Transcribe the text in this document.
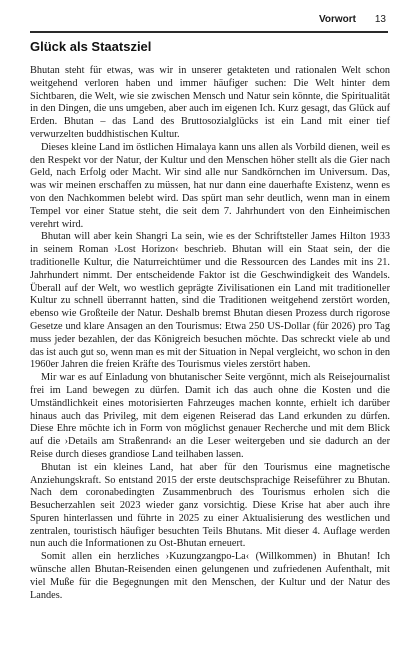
Vorwort 13
Glück als Staatsziel

Bhutan steht für etwas, was wir in unserer getakteten und rationalen Welt schon weitgehend verloren haben und immer häufiger suchen: Die Welt hinter dem Sichtbaren, die Welt, wie sie zwischen Mensch und Natur sein könnte, die Spiritualität in den Dingen, die uns umgeben, aber auch im eigenen Ich. Kurz gesagt, das Glück auf Erden. Bhutan – das Land des Bruttosozialglücks ist ein Land mit einer tief verwurzelten buddhistischen Kultur.

Dieses kleine Land im östlichen Himalaya kann uns allen als Vorbild dienen, weil es den Respekt vor der Natur, der Kultur und den Menschen höher stellt als die Gier nach Geld, nach Erfolg oder Macht. Wir sind alle nur Sandkörnchen im Universum. Das, was wir meinen erschaffen zu müssen, hat nur dann eine dauerhafte Existenz, wenn es von den Nachkommen belebt wird. Das spürt man sehr deutlich, wenn man in einem Tempel vor einer Statue steht, die seit dem 7. Jahrhundert von den Einheimischen verehrt wird.

Bhutan will aber kein Shangri La sein, wie es der Schriftsteller James Hilton 1933 in seinem Roman ›Lost Horizon‹ beschrieb. Bhutan will ein Staat sein, der die traditionelle Kultur, die Naturreichtümer und die Ressourcen des Landes mit ins 21. Jahrhundert nimmt. Der entscheidende Faktor ist die Geschwindigkeit des Wandels. Überall auf der Welt, wo westlich geprägte Zivilisationen ein Land mit traditioneller Kultur zu schnell überrannt hatten, sind die Traditionen weitgehend zerstört worden, ebenso wie Großteile der Natur. Deshalb bremst Bhutan diesen Prozess durch rigorose Gesetze und klare Ansagen an den Tourismus: Etwa 250 US-Dollar (für 2026) pro Tag muss jeder bezahlen, der das Königreich besuchen möchte. Das schreckt viele ab und das ist auch gut so, wenn man es mit der Situation in Nepal vergleicht, wo schon in den 1960er Jahren die freien Kräfte des Tourismus vieles zerstört haben.

Mir war es auf Einladung von bhutanischer Seite vergönnt, mich als Reisejournalist frei im Land bewegen zu dürfen. Damit ich das auch ohne die Kosten und die Umständlichkeit eines motorisierten Fahrzeuges machen konnte, erhielt ich darüber hinaus auch das Privileg, mit dem eigenen Reiserad das Land erkunden zu dürfen. Diese Ehre möchte ich in Form von möglichst genauer Recherche und mit dem Blick auf die ›Details am Straßenrand‹ an die Leser weitergeben und sie dadurch an der Reise durch dieses grandiose Land teilhaben lassen.

Bhutan ist ein kleines Land, hat aber für den Tourismus eine magnetische Anziehungskraft. So entstand 2015 der erste deutschsprachige Reiseführer zu Bhutan. Nach dem coronabedingten Zusammenbruch des Tourismus erholen sich die Besucherzahlen seit 2023 wieder ganz vorsichtig. Diese Krise hat aber auch ihre Spuren hinterlassen und führte in 2025 zu einer Aktualisierung des westlichen und zentralen, touristisch häufiger besuchten Teils Bhutans. Mit dieser 4. Auflage werden nun auch die Informationen zu Ost-Bhutan erneuert.

Somit allen ein herzliches ›Kuzungzangpo-La‹ (Willkommen) in Bhutan! Ich wünsche allen Bhutan-Reisenden einen gelungenen und zufriedenen Aufenthalt, mit viel Muße für die Begegnungen mit den Menschen, der Kultur und der Natur des Landes.
